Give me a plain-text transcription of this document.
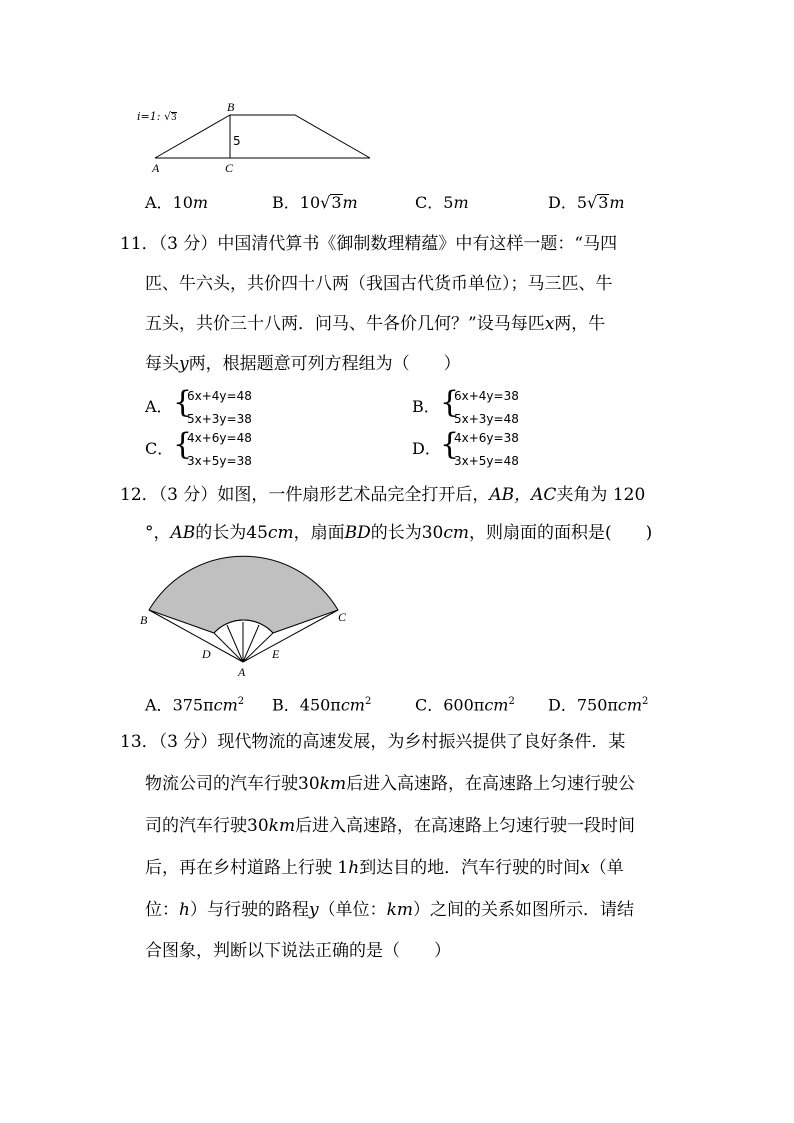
i=1: √3
B
5
A	C
A．10m	B．10√3m	C．5m	D．5√3m
11．（3 分）中国清代算书《御制数理精蕴》中有这样一题：“马四
匹、牛六头，共价四十八两（我国古代货币单位）；马三匹、牛
五头，共价三十八两．问马、牛各价几何？”设马每匹x两，牛
每头y两，根据题意可列方程组为（　　）
A． {
6x+4y=48
5x+3y=38
B． {
6x+4y=38
5x+3y=48
C． {
4x+6y=48
3x+5y=38
D． {
4x+6y=38
3x+5y=48
12．（3 分）如图，一件扇形艺术品完全打开后，AB，AC夹角为 120
°，AB的长为45cm，扇面BD的长为30cm，则扇面的面积是(　　)
B	C
D	E
A
A．375πcm$^2$ B．450πcm$^2$	C．600πcm$^2$ D．750πcm$^2$
13．（3 分）现代物流的高速发展，为乡村振兴提供了良好条件．某
物流公司的汽车行驶30km后进入高速路，在高速路上匀速行驶公
司的汽车行驶30km后进入高速路，在高速路上匀速行驶一段时间
后，再在乡村道路上行驶 1h到达目的地．汽车行驶的时间x（单
位：h）与行驶的路程y（单位：km）之间的关系如图所示．请结
合图象，判断以下说法正确的是（　　）
